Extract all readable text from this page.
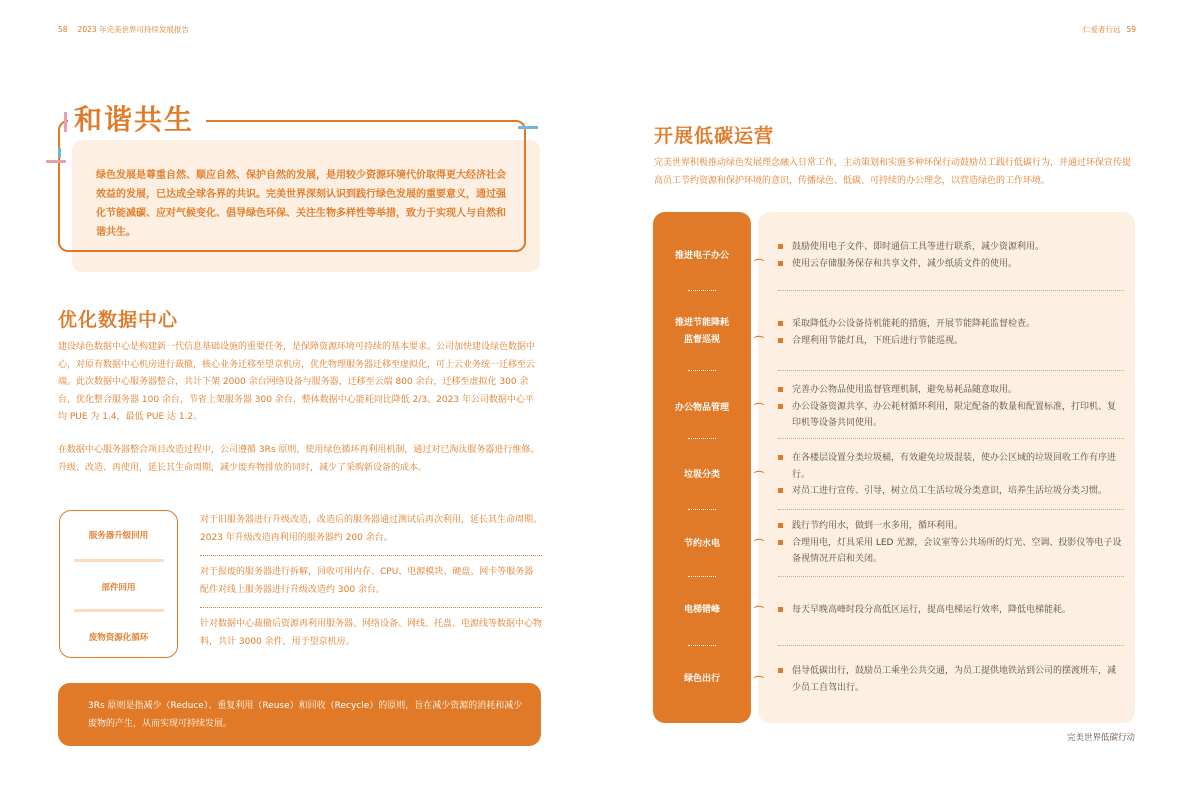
58 2023 年完美世界可持续发展报告	仁爱者行远 59
和谐共生
绿色发展是尊重自然、顺应自然、保护自然的发展，是用较少资源环境代价取得更大经济社会效益的发展，已达成全球各界的共识。完美世界深刻认识到践行绿色发展的重要意义，通过强化节能减碳、应对气候变化、倡导绿色环保、关注生物多样性等举措，致力于实现人与自然和谐共生。
优化数据中心
建设绿色数据中心是构建新一代信息基础设施的重要任务，是保障资源环境可持续的基本要求。公司加快建设绿色数据中心，对原有数据中心机房进行裁撤，核心业务迁移至望京机房，优化物理服务器迁移至虚拟化，可上云业务统一迁移至云端。此次数据中心服务器整合，共计下架 2000 余台网络设备与服务器，迁移至云端 800 余台，迁移至虚拟化 300 余台，优化整合服务器 100 余台，节省上架服务器 300 余台，整体数据中心能耗同比降低 2/3。2023 年公司数据中心平均 PUE 为 1.4，最低 PUE 达 1.2。
在数据中心服务器整合项目改造过程中，公司遵循 3Rs 原则，使用绿色循环再利用机制，通过对已淘汰服务器进行维修、升级、改造、再使用，延长其生命周期，减少废弃物排放的同时，减少了采购新设备的成本。
服务器升级回用
部件回用
废物资源化循环
对于旧服务器进行升级改造，改造后的服务器通过测试后再次利用，延长其生命周期。2023 年升级改造再利用的服务器约 200 余台。
对于报废的服务器进行拆解，回收可用内存、CPU、电源模块、硬盘、网卡等服务器配件对线上服务器进行升级改造约 300 余台。
针对数据中心裁撤后资源再利用服务器、网络设备、网线、托盘、电源线等数据中心物料，共计 3000 余件，用于望京机房。
3Rs 原则是指减少（Reduce）、重复利用（Reuse）和回收（Recycle）的原则，旨在减少资源的消耗和减少废物的产生，从而实现可持续发展。
开展低碳运营
完美世界积极推动绿色发展理念融入日常工作，主动策划和实施多种环保行动鼓励员工践行低碳行为，并通过环保宣传提高员工节约资源和保护环境的意识，传播绿色、低碳、可持续的办公理念，以营造绿色的工作环境。
推进电子办公
推进节能降耗
监督巡视
办公物品管理
垃圾分类
节约水电
电梯错峰
绿色出行
鼓励使用电子文件、即时通信工具等进行联系，减少资源利用。
使用云存储服务保存和共享文件，减少纸质文件的使用。
⌒
采取降低办公设备待机能耗的措施，开展节能降耗监督检查。
合理利用节能灯具，下班后进行节能巡视。
⌒
完善办公物品使用监督管理机制，避免易耗品随意取用。
办公设备资源共享、办公耗材循环利用，限定配备的数量和配置标准，打印机、复印机等设备共同使用。
⌒
在各楼层设置分类垃圾桶，有效避免垃圾混装，使办公区域的垃圾回收工作有序进行。
对员工进行宣传、引导，树立员工生活垃圾分类意识，培养生活垃圾分类习惯。
⌒
践行节约用水，做到一水多用，循环利用。
合理用电，灯具采用 LED 光源，会议室等公共场所的灯光、空调、投影仪等电子设备视情况开启和关闭。
⌒
每天早晚高峰时段分高低区运行，提高电梯运行效率，降低电梯能耗。
⌒
倡导低碳出行，鼓励员工乘坐公共交通，为员工提供地铁站到公司的摆渡班车，减少员工自驾出行。
⌒
完美世界低碳行动
